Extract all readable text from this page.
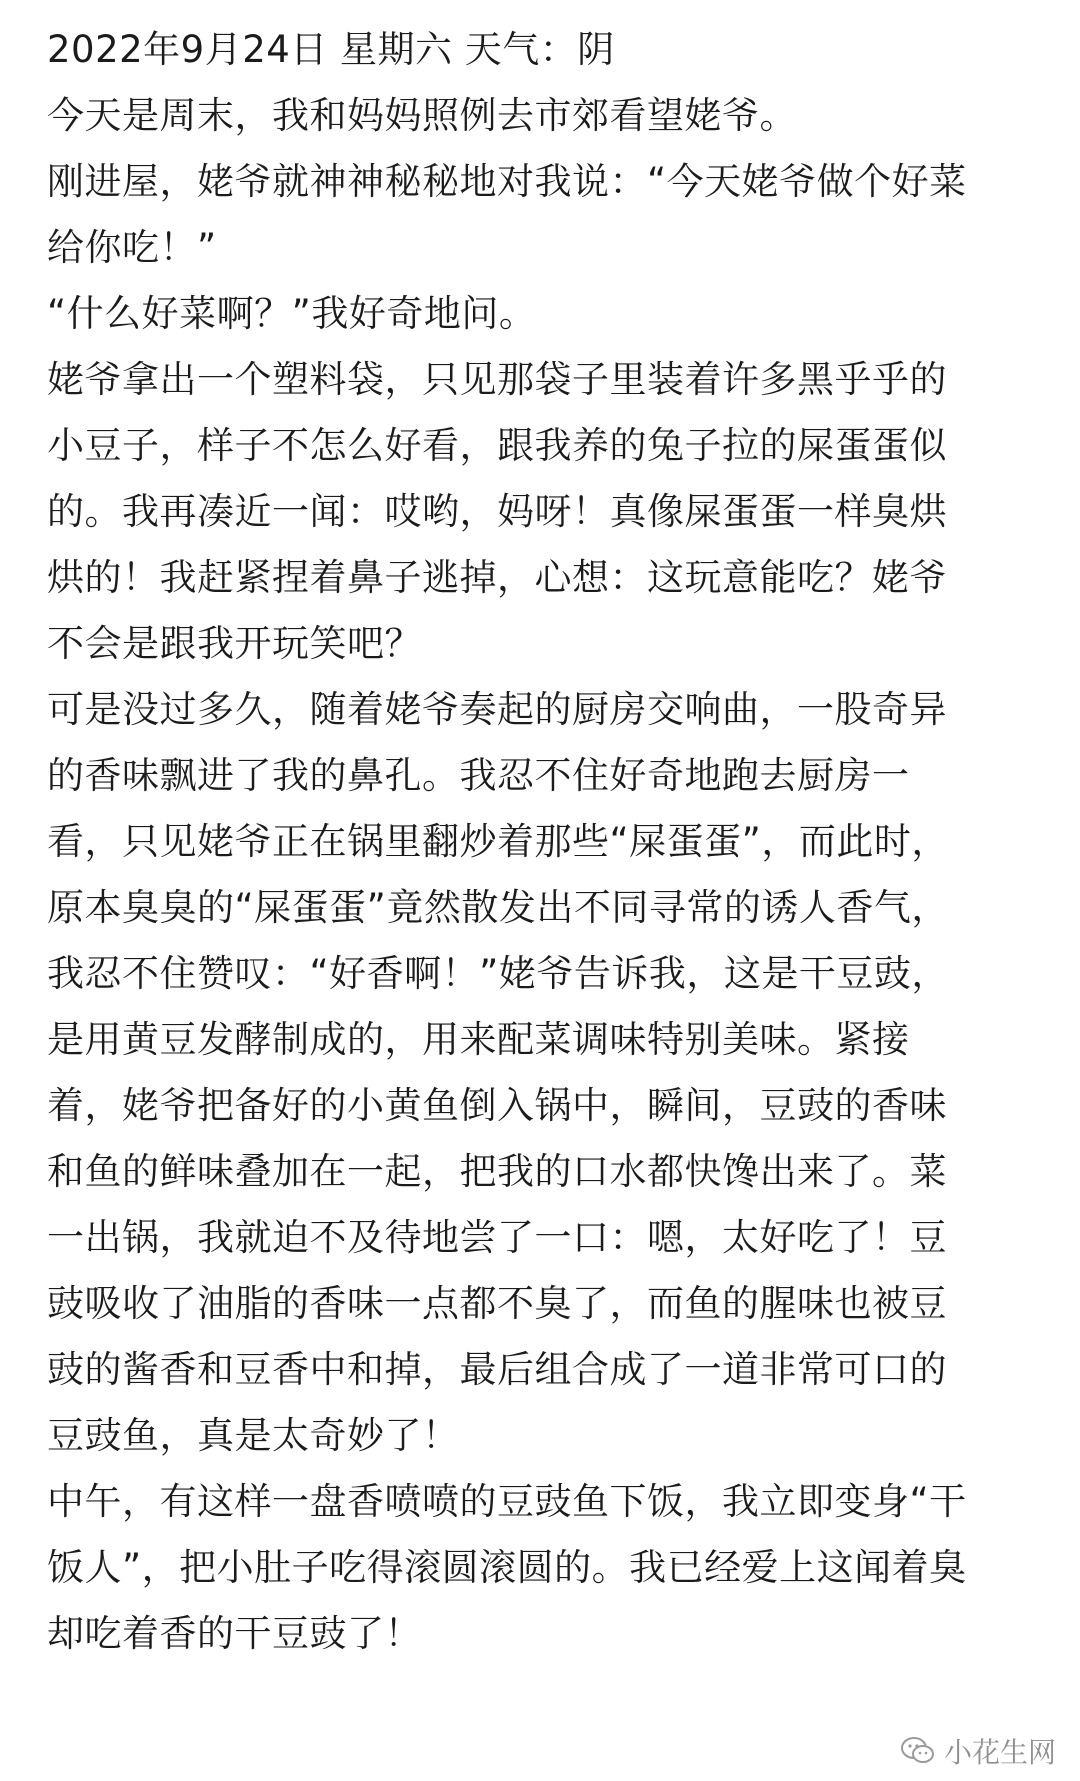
2022年9月24日 星期六 天气：阴
今天是周末，我和妈妈照例去市郊看望姥爷。
刚进屋，姥爷就神神秘秘地对我说：“今天姥爷做个好菜
给你吃！”
“什么好菜啊？”我好奇地问。
姥爷拿出一个塑料袋，只见那袋子里装着许多黑乎乎的
小豆子，样子不怎么好看，跟我养的兔子拉的屎蛋蛋似
的。我再凑近一闻：哎哟，妈呀！真像屎蛋蛋一样臭烘
烘的！我赶紧捏着鼻子逃掉，心想：这玩意能吃？姥爷
不会是跟我开玩笑吧？
可是没过多久，随着姥爷奏起的厨房交响曲，一股奇异
的香味飘进了我的鼻孔。我忍不住好奇地跑去厨房一
看，只见姥爷正在锅里翻炒着那些“屎蛋蛋”，而此时，
原本臭臭的“屎蛋蛋”竟然散发出不同寻常的诱人香气，
我忍不住赞叹：“好香啊！”姥爷告诉我，这是干豆豉，
是用黄豆发酵制成的，用来配菜调味特别美味。紧接
着，姥爷把备好的小黄鱼倒入锅中，瞬间，豆豉的香味
和鱼的鲜味叠加在一起，把我的口水都快馋出来了。菜
一出锅，我就迫不及待地尝了一口：嗯，太好吃了！豆
豉吸收了油脂的香味一点都不臭了，而鱼的腥味也被豆
豉的酱香和豆香中和掉，最后组合成了一道非常可口的
豆豉鱼，真是太奇妙了！
中午，有这样一盘香喷喷的豆豉鱼下饭，我立即变身“干
饭人”，把小肚子吃得滚圆滚圆的。我已经爱上这闻着臭
却吃着香的干豆豉了！
小花生网
